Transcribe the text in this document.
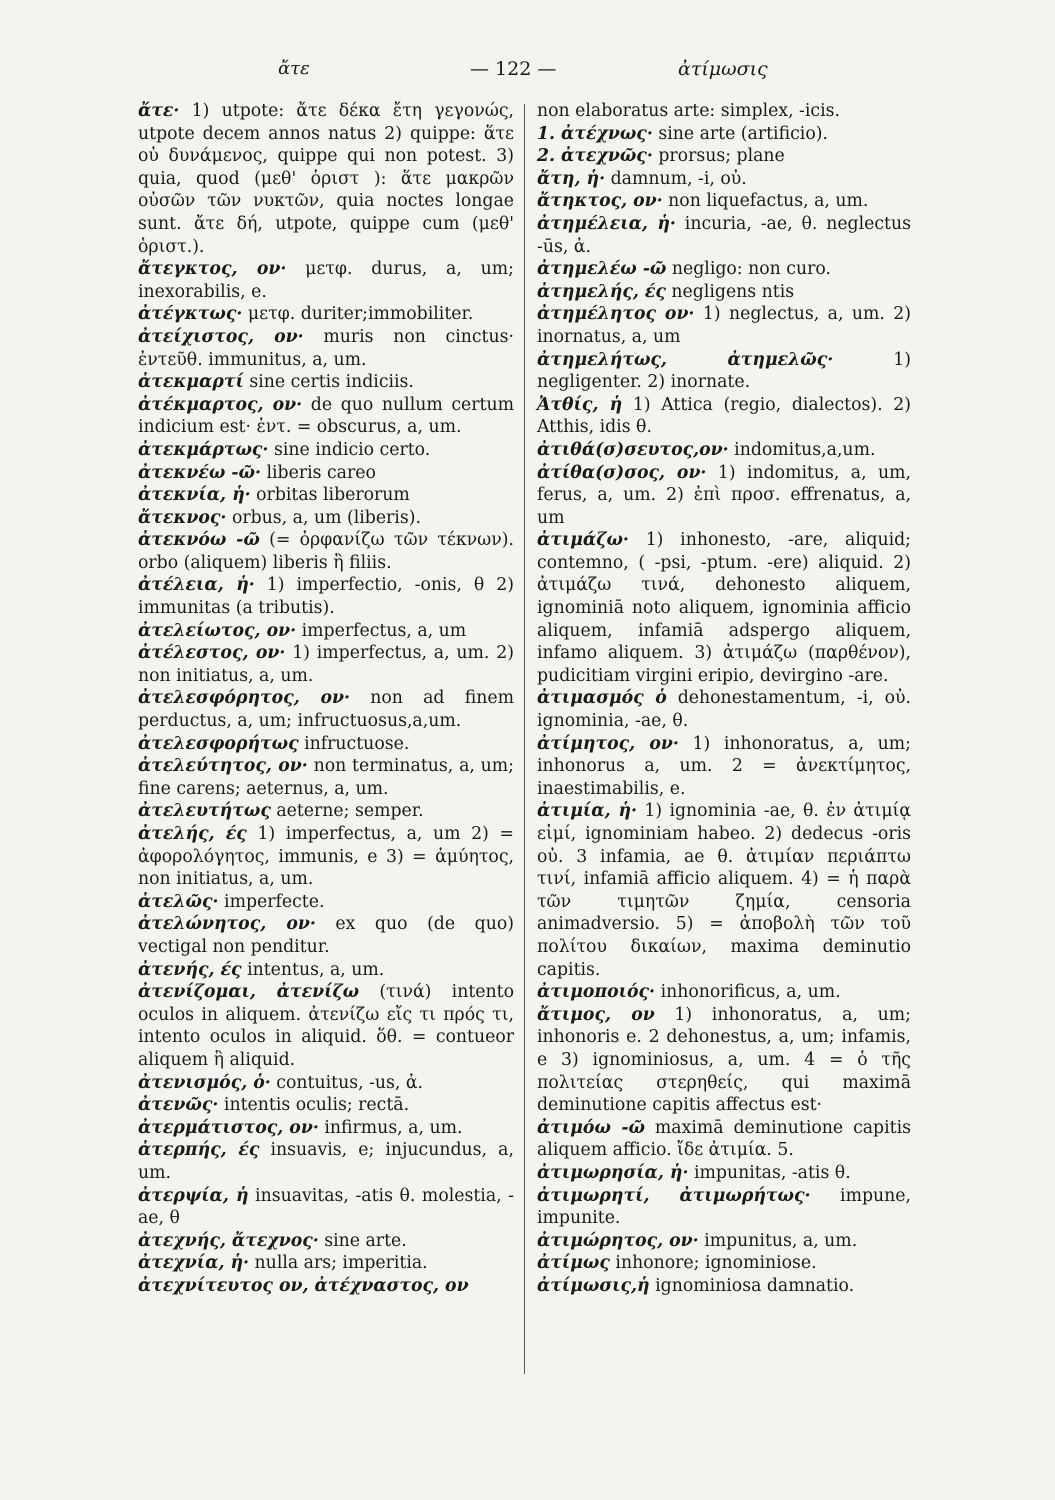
ἄτε	— 122 —	ἀτίμωσις

ἄτε· 1) utpote: ἄτε δέκα ἔτη γεγονώς, utpote decem annos natus 2) quippe: ἅτε οὐ δυνάμενος, quippe qui non potest. 3) quia, quod (μεθ' ὁριστ ): ἅτε μακρῶν οὐσῶν τῶν νυκτῶν, quia noctes longae sunt. ἄτε δή, utpote, quippe cum (μεθ' ὁριστ.).

ἄτεγκτος, ον· μετφ. durus, a, um; inexorabilis, e.

ἀτέγκτως· μετφ. duriter;immobiliter.

ἀτείχιστος, ον· muris non cinctus· ἐντεῦθ. immunitus, a, um.

ἀτεκμαρτί sine certis indiciis.

ἀτέκμαρτος, ον· de quo nullum certum indicium est· ἐντ. = obscurus, a, um.

ἀτεκμάρτως· sine indicio certo.

ἀτεκνέω -ῶ· liberis careo

ἀτεκνία, ἡ· orbitas liberorum

ἄτεκνος· orbus, a, um (liberis).

ἀτεκνόω -ῶ (= ὀρφανίζω τῶν τέκνων). orbo (aliquem) liberis ἢ filiis.

ἀτέλεια, ἡ· 1) imperfectio, -onis, θ 2) immunitas (a tributis).

ἀτελείωτος, ον· imperfectus, a, um

ἀτέλεστος, ον· 1) imperfectus, a, um. 2) non initiatus, a, um.

ἀτελεσφόρητος, ον· non ad finem perductus, a, um; infructuosus,a,um.

ἀτελεσφορήτως infructuose.

ἀτελεύτητος, ον· non terminatus, a, um; fine carens; aeternus, a, um.

ἀτελευτήτως aeterne; semper.

ἀτελής, ές 1) imperfectus, a, um 2) = ἀφορολόγητος, immunis, e 3) = ἀμύητος, non initiatus, a, um.

ἀτελῶς· imperfecte.

ἀτελώνητος, ον· ex quo (de quo) vectigal non penditur.

ἀτενής, ές intentus, a, um.

ἀτενίζομαι, ἀτενίζω (τινά) intento oculos in aliquem. ἀτενίζω εἴς τι πρός τι, intento oculos in aliquid. ὅθ. = contueor aliquem ἢ aliquid.

ἀτενισμός, ὁ· contuitus, -us, ἀ.

ἀτενῶς· intentis oculis; rectā.

ἀτερμάτιστος, ον· infirmus, a, um.

ἀτερπής, ές insuavis, e; injucundus, a, um.

ἀτερψία, ἡ insuavitas, -atis θ. molestia, -ae, θ

ἀτεχνής, ἄτεχνος· sine arte.

ἀτεχνία, ἡ· nulla ars; imperitia.

ἀτεχνίτευτος ον, ἀτέχναστος, ον

non elaboratus arte: simplex, -icis.

1. ἀτέχνως· sine arte (artificio).

2. ἀτεχνῶς· prorsus; plane

ἄτη, ἡ· damnum, -i, οὐ.

ἄτηκτος, ον· non liquefactus, a, um.

ἀτημέλεια, ἡ· incuria, -ae, θ. neglectus -ūs, ἀ.

ἀτημελέω -ῶ negligo: non curo.

ἀτημελής, ές negligens ntis

ἀτημέλητος ον· 1) neglectus, a, um. 2) inornatus, a, um

ἀτημελήτως, ἀτημελῶς· 1) negligenter. 2) inornate.

Ἀτθίς, ἡ 1) Attica (regio, dialectos). 2) Atthis, idis θ.

ἀτιθά(σ)σευτος,ον· indomitus,a,um.

ἀτίθα(σ)σος, ον· 1) indomitus, a, um, ferus, a, um. 2) ἐπὶ προσ. effrenatus, a, um

ἀτιμάζω· 1) inhonesto, -are, aliquid; contemno, ( -psi, -ptum. -ere) aliquid. 2) ἀτιμάζω τινά, dehonesto aliquem, ignominiā noto aliquem, ignominia afficio aliquem, infamiā adspergo aliquem, infamo aliquem. 3) ἀτιμάζω (παρθένον), pudicitiam virgini eripio, devirgino -are.

ἀτιμασμός ὁ dehonestamentum, -i, οὐ. ignominia, -ae, θ.

ἀτίμητος, ον· 1) inhonoratus, a, um; inhonorus a, um. 2 = ἀνεκτίμητος, inaestimabilis, e.

ἀτιμία, ἡ· 1) ignominia -ae, θ. ἐν ἀτιμίᾳ εἰμί, ignominiam habeo. 2) dedecus -oris οὐ. 3 infamia, ae θ. ἀτιμίαν περιάπτω τινί, infamiā afficio aliquem. 4) = ἡ παρὰ τῶν τιμητῶν ζημία, censoria animadversio. 5) = ἀποβολὴ τῶν τοῦ πολίτου δικαίων, maxima deminutio capitis.

ἀτιμοποιός· inhonorificus, a, um.

ἄτιμος, ον 1) inhonoratus, a, um; inhonoris e. 2 dehonestus, a, um; infamis, e 3) ignominiosus, a, um. 4 = ὁ τῆς πολιτείας στερηθείς, qui maximā deminutione capitis affectus est·

ἀτιμόω -ῶ maximā deminutione capitis aliquem afficio. ἴδε ἀτιμία. 5.

ἀτιμωρησία, ἡ· impunitas, -atis θ.

ἀτιμωρητί, ἀτιμωρήτως· impune, impunite.

ἀτιμώρητος, ον· impunitus, a, um.

ἀτίμως inhonore; ignominiose.

ἀτίμωσις,ἡ ignominiosa damnatio.
